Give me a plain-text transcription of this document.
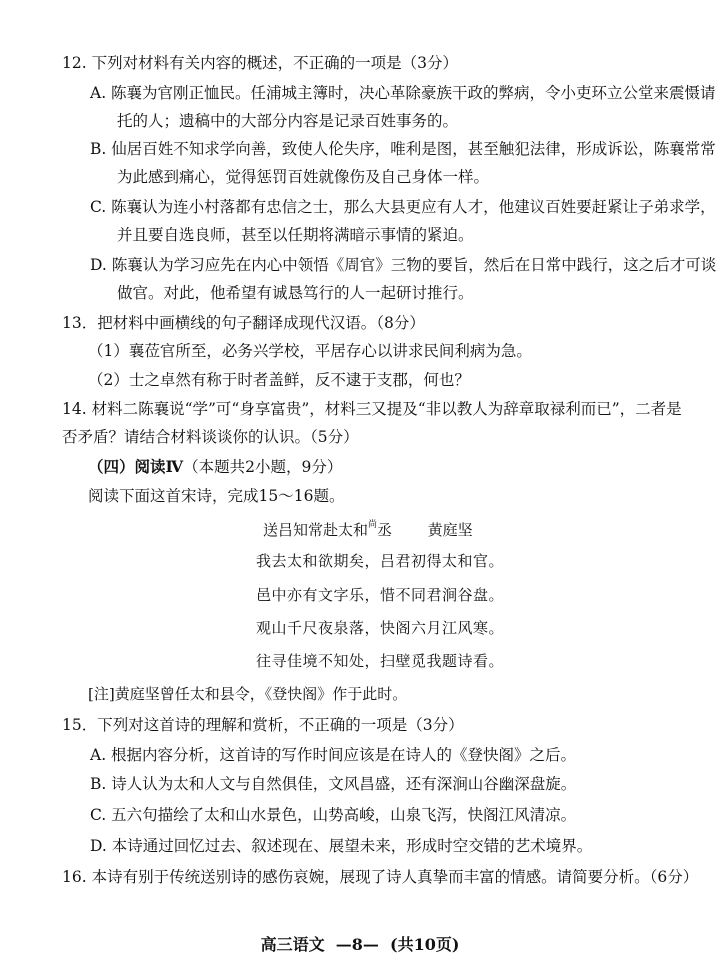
12. 下列对材料有关内容的概述，不正确的一项是（3分）
A. 陈襄为官刚正恤民。任浦城主簿时，决心革除豪族干政的弊病，令小吏环立公堂来震慑请
托的人；遗稿中的大部分内容是记录百姓事务的。
B. 仙居百姓不知求学向善，致使人伦失序，唯利是图，甚至触犯法律，形成诉讼，陈襄常常
为此感到痛心，觉得惩罚百姓就像伤及自己身体一样。
C. 陈襄认为连小村落都有忠信之士，那么大县更应有人才，他建议百姓要赶紧让子弟求学，
并且要自选良师，甚至以任期将满暗示事情的紧迫。
D. 陈襄认为学习应先在内心中领悟《周官》三物的要旨，然后在日常中践行，这之后才可谈
做官。对此，他希望有诚恳笃行的人一起研讨推行。
13．把材料中画横线的句子翻译成现代汉语。（8分）
（1）襄莅官所至，必务兴学校，平居存心以讲求民间利病为急。
（2）士之卓然有称于时者盖鲜，反不逮于支郡，何也？
14. 材料二陈襄说“学”可“身享富贵”，材料三又提及“非以教人为辞章取禄利而已”，二者是
否矛盾？请结合材料谈谈你的认识。（5分）
（四）阅读Ⅳ（本题共2小题，9分）
阅读下面这首宋诗，完成15～16题。
送吕知常赴太和$^尚$丞 黄庭坚
我去太和欲期矣，吕君初得太和官。
邑中亦有文字乐，惜不同君涧谷盘。
观山千尺夜泉落，快阁六月江风寒。
往寻佳境不知处，扫壁觅我题诗看。
[注]黄庭坚曾任太和县令，《登快阁》作于此时。
15．下列对这首诗的理解和赏析，不正确的一项是（3分）
A. 根据内容分析，这首诗的写作时间应该是在诗人的《登快阁》之后。
B. 诗人认为太和人文与自然俱佳，文风昌盛，还有深涧山谷幽深盘旋。
C. 五六句描绘了太和山水景色，山势高峻，山泉飞泻，快阁江风清凉。
D. 本诗通过回忆过去、叙述现在、展望未来，形成时空交错的艺术境界。
16. 本诗有别于传统送别诗的感伤哀婉，展现了诗人真挚而丰富的情感。请简要分析。（6分）
高三语文  —8—  (共10页)
